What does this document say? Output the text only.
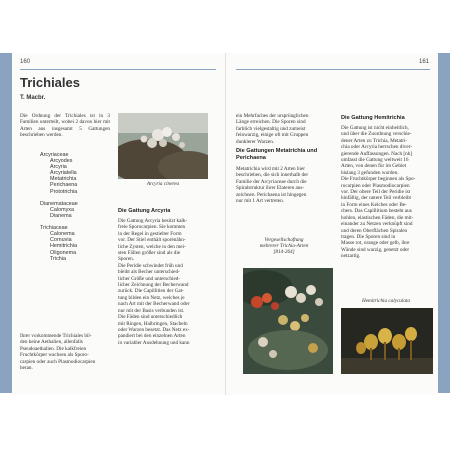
160	161
Trichiales
T. Macbr.
Die Ordnung der Trichiales ist in 3 Familien unterteilt, wobei 2 davon hier mit Arten aus insgesamt 5 Gattungen beschrieben werden.
Arcyriaceae
Arcyodes
Arcyria
Arcyriatella
Metatrichia
Perichaena
Prototrichia
Dianemataceae
Calomyxa
Dianema
Trichiaceae
Calonema
Cornuvia
Hemitrichia
Oligonema
Trichia
Ihrer vorkommende Trichiales bil-
den keine Aethalien, allenfalls
Pseudoaethalien. Die kalkfreien
Fruchtkörper wachsen als Sporo-
carpien oder auch Plasmodiocarpien
heran.
Arcyria cinerea
Die Gattung Arcyria
Die Gattung Arcyria besitzt kalk-
freie Sporocarpien. Sie kommen
in der Regel in gestielter Form
vor. Der Stiel enthält sporenähn-
liche Zysten, welche in den mei-
sten Fällen größer sind als die
Sporen.
Die Peridie schwindet früh und
bleibt als Becher unterschied-
licher Größe und unterschied-
licher Zeichnung der Becherwand
zurück. Die Capillitien der Gat-
tung bilden ein Netz, welches je
nach Art mit der Becherwand oder
nur mit der Basis verbunden ist.
Die Fäden sind unterschiedlich
mit Ringen, Halbringen, Stacheln
oder Warzen besetzt. Das Netz ex-
pandiert bei den einzelnen Arten
in variabler Ausdehnung und kann
ein Mehrfaches der ursprünglichen
Länge erreichen. Die Sporen sind
farblich vielgestaltig und zumeist
feinwarzig, einige oft mit Gruppen
dunklerer Warzen.
Die Gattungen Metatrichia und
Perichaena
Metatrichia wird mit 2 Arten hier
beschrieben, die sich innerhalb der
Familie der Arcyriaceae durch die
Spiralstruktur ihrer Elateren aus-
zeichnen. Perichaena ist hingegen
nur mit 1 Art vertreten.
Vergesellschaftung
mehrerer Trichia-Arten
[814-264]
Die Gattung Hemitrichia
Die Gattung ist nicht einheitlich,
und über die Zuordnung verschie-
dener Arten zu Trichia, Metatri-
chia oder Arcyria herrschen diver-
gierende Auffassungen. Nach [nh]
umfasst die Gattung weltweit 16
Arten, von denen für im Gebiet
bislang 3 gefunden wurden.
Die Fruchtkörper beginnen als Spo-
rocarpien oder Plasmodiocarpien
vor. Der obere Teil der Peridie ist
hinfällig, der untere Teil verbleibt
in Form eines Kelches oder Be-
chers. Das Capillitium besteht aus
hohlen, elastischen Fäden, die mit-
einander zu Netzen verknüpft sind
und deren Oberflächen Spiralen
tragen. Die Sporen sind in
Masse rot, orange oder gelb, ihre
Wände sind warzig, genetzt oder
netzartig.
Hemitrichia calyculata
